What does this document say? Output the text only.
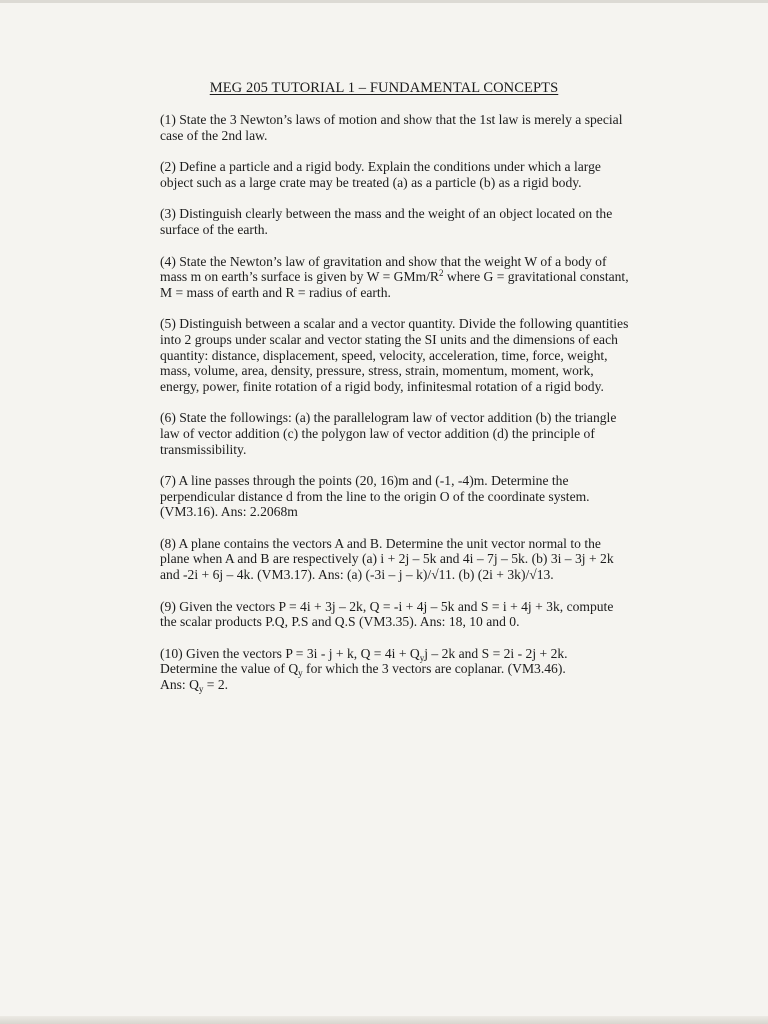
MEG 205 TUTORIAL 1 – FUNDAMENTAL CONCEPTS

(1) State the 3 Newton’s laws of motion and show that the 1st law is merely a special
case of the 2nd law.

(2) Define a particle and a rigid body. Explain the conditions under which a large
object such as a large crate may be treated (a) as a particle (b) as a rigid body.

(3) Distinguish clearly between the mass and the weight of an object located on the
surface of the earth.

(4) State the Newton’s law of gravitation and show that the weight W of a body of
mass m on earth’s surface is given by W = GMm/$R^2$ where G = gravitational constant,
M = mass of earth and R = radius of earth.

(5) Distinguish between a scalar and a vector quantity. Divide the following quantities
into 2 groups under scalar and vector stating the SI units and the dimensions of each
quantity: distance, displacement, speed, velocity, acceleration, time, force, weight,
mass, volume, area, density, pressure, stress, strain, momentum, moment, work,
energy, power, finite rotation of a rigid body, infinitesmal rotation of a rigid body.

(6) State the followings: (a) the parallelogram law of vector addition (b) the triangle
law of vector addition (c) the polygon law of vector addition (d) the principle of
transmissibility.

(7) A line passes through the points (20, 16)m and (-1, -4)m. Determine the
perpendicular distance d from the line to the origin O of the coordinate system.
(VM3.16). Ans: 2.2068m

(8) A plane contains the vectors A and B. Determine the unit vector normal to the
plane when A and B are respectively (a) i + 2j – 5k and 4i – 7j – 5k. (b) 3i – 3j + 2k
and -2i + 6j – 4k. (VM3.17). Ans: (a) (-3i – j – k)/√11. (b) (2i + 3k)/√13.

(9) Given the vectors P = 4i + 3j – 2k, Q = -i + 4j – 5k and S = i + 4j + 3k, compute
the scalar products P.Q, P.S and Q.S (VM3.35). Ans: 18, 10 and 0.

(10) Given the vectors P = 3i - j + k, $Q = 4i + Q_yj - 2k$ and S = 2i - 2j + 2k.
Determine the value of $Q_y$ for which the 3 vectors are coplanar. (VM3.46).
Ans: $Q_y = 2$.
